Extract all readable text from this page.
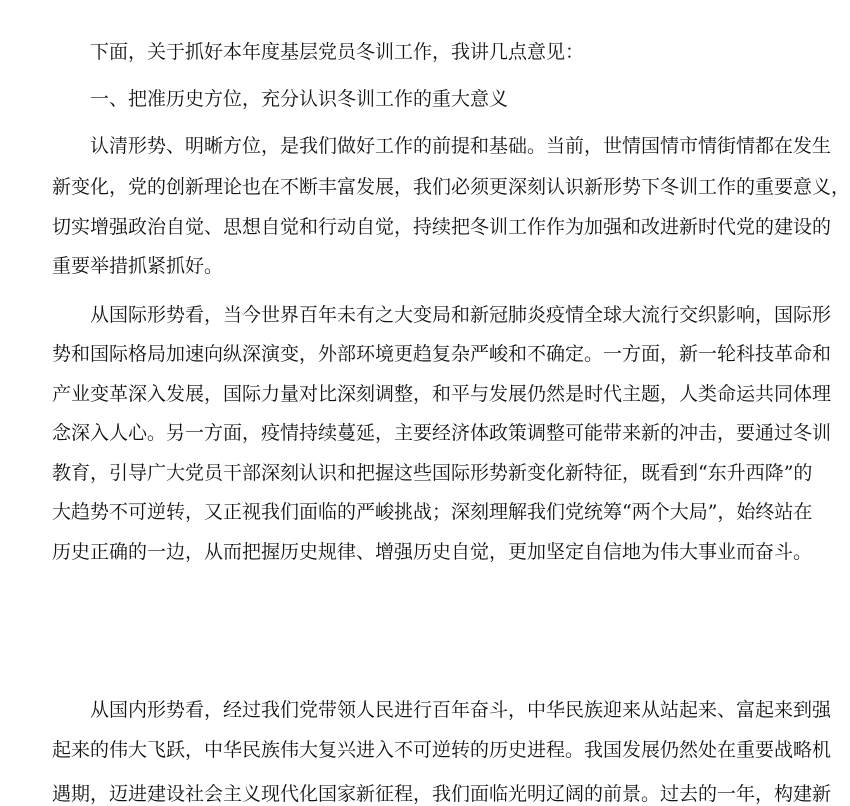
下面，关于抓好本年度基层党员冬训工作，我讲几点意见：
一、把准历史方位，充分认识冬训工作的重大意义
认清形势、明晰方位，是我们做好工作的前提和基础。当前，世情国情市情街情都在发生
新变化，党的创新理论也在不断丰富发展，我们必须更深刻认识新形势下冬训工作的重要意义，
切实增强政治自觉、思想自觉和行动自觉，持续把冬训工作作为加强和改进新时代党的建设的
重要举措抓紧抓好。
从国际形势看，当今世界百年未有之大变局和新冠肺炎疫情全球大流行交织影响，国际形
势和国际格局加速向纵深演变，外部环境更趋复杂严峻和不确定。一方面，新一轮科技革命和
产业变革深入发展，国际力量对比深刻调整，和平与发展仍然是时代主题，人类命运共同体理
念深入人心。另一方面，疫情持续蔓延，主要经济体政策调整可能带来新的冲击，要通过冬训
教育，引导广大党员干部深刻认识和把握这些国际形势新变化新特征，既看到“东升西降”的
大趋势不可逆转，又正视我们面临的严峻挑战；深刻理解我们党统筹“两个大局”，始终站在
历史正确的一边，从而把握历史规律、增强历史自觉，更加坚定自信地为伟大事业而奋斗。
从国内形势看，经过我们党带领人民进行百年奋斗，中华民族迎来从站起来、富起来到强
起来的伟大飞跃，中华民族伟大复兴进入不可逆转的历史进程。我国发展仍然处在重要战略机
遇期，迈进建设社会主义现代化国家新征程，我们面临光明辽阔的前景。过去的一年，构建新
